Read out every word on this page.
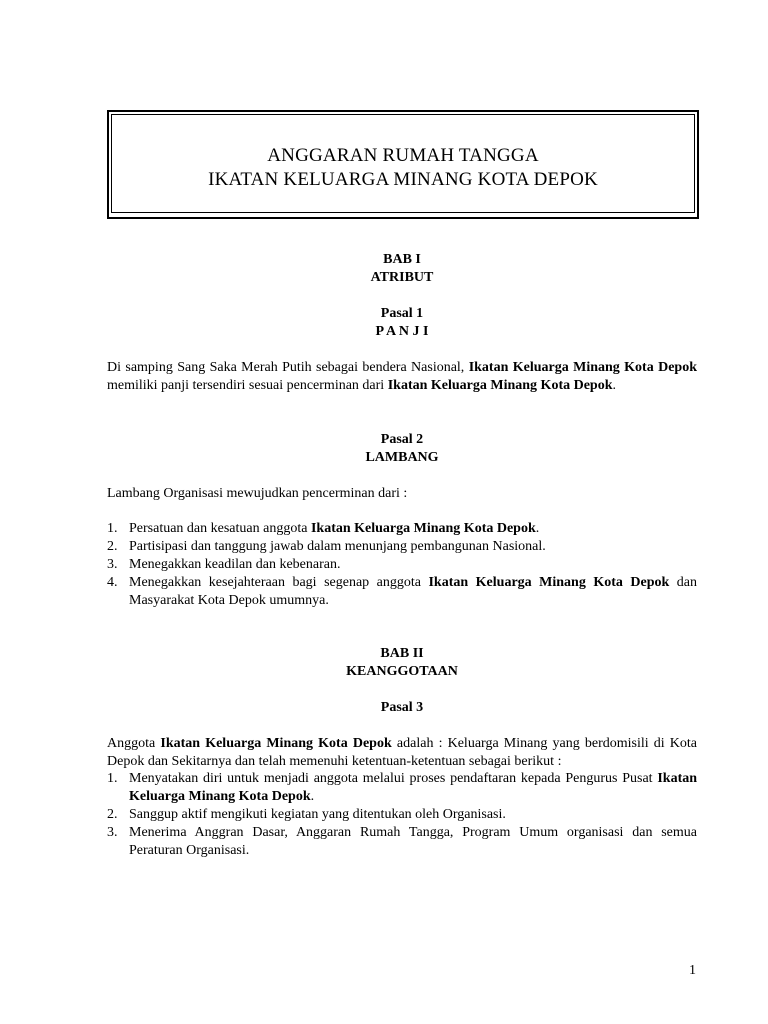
ANGGARAN RUMAH TANGGA
IKATAN KELUARGA MINANG KOTA DEPOK
BAB I
ATRIBUT
Pasal 1
P A N J I
Di samping Sang Saka Merah Putih sebagai bendera Nasional, Ikatan Keluarga Minang Kota Depok memiliki panji tersendiri sesuai pencerminan dari Ikatan Keluarga Minang Kota Depok.
Pasal 2
LAMBANG
Lambang Organisasi mewujudkan pencerminan dari :
1. Persatuan dan kesatuan anggota Ikatan Keluarga Minang Kota Depok.
2. Partisipasi dan tanggung jawab dalam menunjang pembangunan Nasional.
3. Menegakkan keadilan dan kebenaran.
4. Menegakkan kesejahteraan bagi segenap anggota Ikatan Keluarga Minang Kota Depok dan Masyarakat Kota Depok umumnya.
BAB II
KEANGGOTAAN
Pasal 3
Anggota Ikatan Keluarga Minang Kota Depok adalah : Keluarga Minang yang berdomisili di Kota Depok dan Sekitarnya dan telah memenuhi ketentuan-ketentuan sebagai berikut :
1. Menyatakan diri untuk menjadi anggota melalui proses pendaftaran kepada Pengurus Pusat Ikatan Keluarga Minang Kota Depok.
2. Sanggup aktif mengikuti kegiatan yang ditentukan oleh Organisasi.
3. Menerima Anggran Dasar, Anggaran Rumah Tangga, Program Umum organisasi dan semua Peraturan Organisasi.
1
